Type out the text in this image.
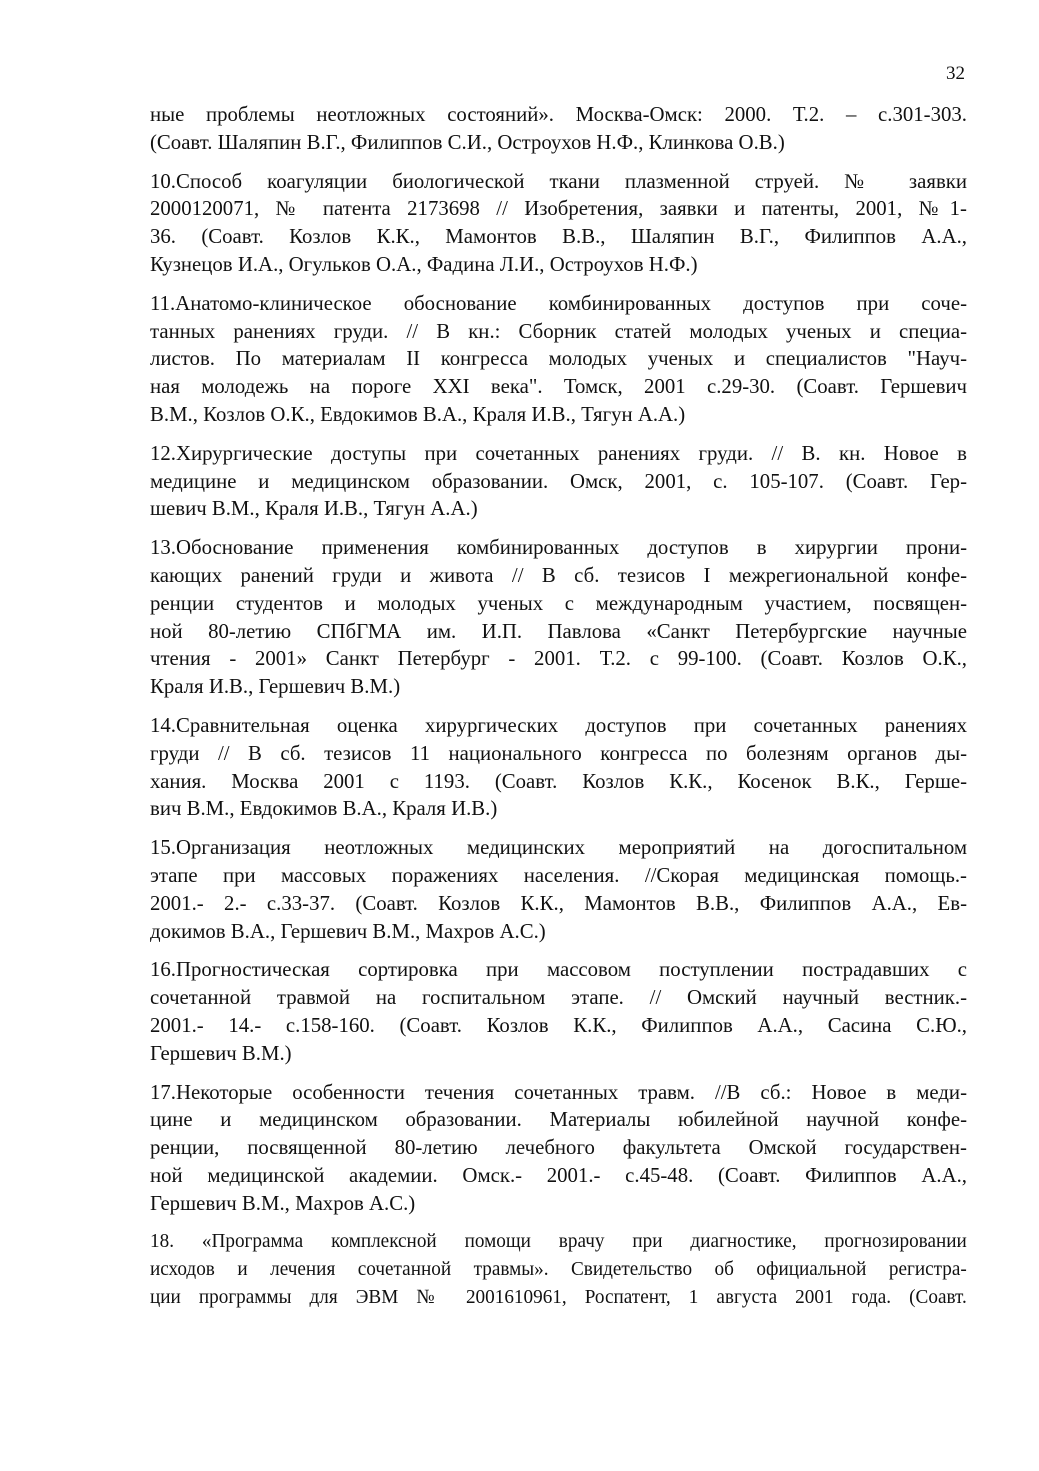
32
ные проблемы неотложных состояний». Москва-Омск: 2000. Т.2. – с.301-303.
(Соавт. Шаляпин В.Г., Филиппов С.И., Остроухов Н.Ф., Клинкова О.В.)
10.Способ коагуляции биологической ткани плазменной струей. № заявки
2000120071, № патента 2173698 // Изобретения, заявки и патенты, 2001, №1-
36. (Соавт. Козлов К.К., Мамонтов В.В., Шаляпин В.Г., Филиппов А.А.,
Кузнецов И.А., Огульков О.А., Фадина Л.И., Остроухов Н.Ф.)
11.Анатомо-клиническое обоснование комбинированных доступов при соче-
танных ранениях груди. // В кн.: Сборник статей молодых ученых и специа-
листов. По материалам II конгресса молодых ученых и специалистов "Науч-
ная молодежь на пороге XXI века". Томск, 2001 с.29-30. (Соавт. Гершевич
В.М., Козлов О.К., Евдокимов В.А., Краля И.В., Тягун А.А.)
12.Хирургические доступы при сочетанных ранениях груди. // В. кн. Новое в
медицине и медицинском образовании. Омск, 2001, с. 105-107. (Соавт. Гер-
шевич В.М., Краля И.В., Тягун А.А.)
13.Обоснование применения комбинированных доступов в хирургии прони-
кающих ранений груди и живота // В сб. тезисов I межрегиональной конфе-
ренции студентов и молодых ученых с международным участием, посвящен-
ной 80-летию СПбГМА им. И.П. Павлова «Санкт Петербургские научные
чтения - 2001» Санкт Петербург - 2001. Т.2. с 99-100. (Соавт. Козлов О.К.,
Краля И.В., Гершевич В.М.)
14.Сравнительная оценка хирургических доступов при сочетанных ранениях
груди // В сб. тезисов 11 национального конгресса по болезням органов ды-
хания. Москва 2001 с 1193. (Соавт. Козлов К.К., Косенок В.К., Герше-
вич В.М., Евдокимов В.А., Краля И.В.)
15.Организация неотложных медицинских мероприятий на догоспитальном
этапе при массовых поражениях населения. //Скорая медицинская помощь.-
2001.- 2.- с.33-37. (Соавт. Козлов К.К., Мамонтов В.В., Филиппов А.А., Ев-
докимов В.А., Гершевич В.М., Махров А.С.)
16.Прогностическая сортировка при массовом поступлении пострадавших с
сочетанной травмой на госпитальном этапе. // Омский научный вестник.-
2001.- 14.- с.158-160. (Соавт. Козлов К.К., Филиппов А.А., Сасина С.Ю.,
Гершевич В.М.)
17.Некоторые особенности течения сочетанных травм. //В сб.: Новое в меди-
цине и медицинском образовании. Материалы юбилейной научной конфе-
ренции, посвященной 80-летию лечебного факультета Омской государствен-
ной медицинской академии. Омск.- 2001.- с.45-48. (Соавт. Филиппов А.А.,
Гершевич В.М., Махров А.С.)
18. «Программа комплексной помощи врачу при диагностике, прогнозировании
исходов и лечения сочетанной травмы». Свидетельство об официальной регистра-
ции программы для ЭВМ № 2001610961, Роспатент, 1 августа 2001 года. (Соавт.
